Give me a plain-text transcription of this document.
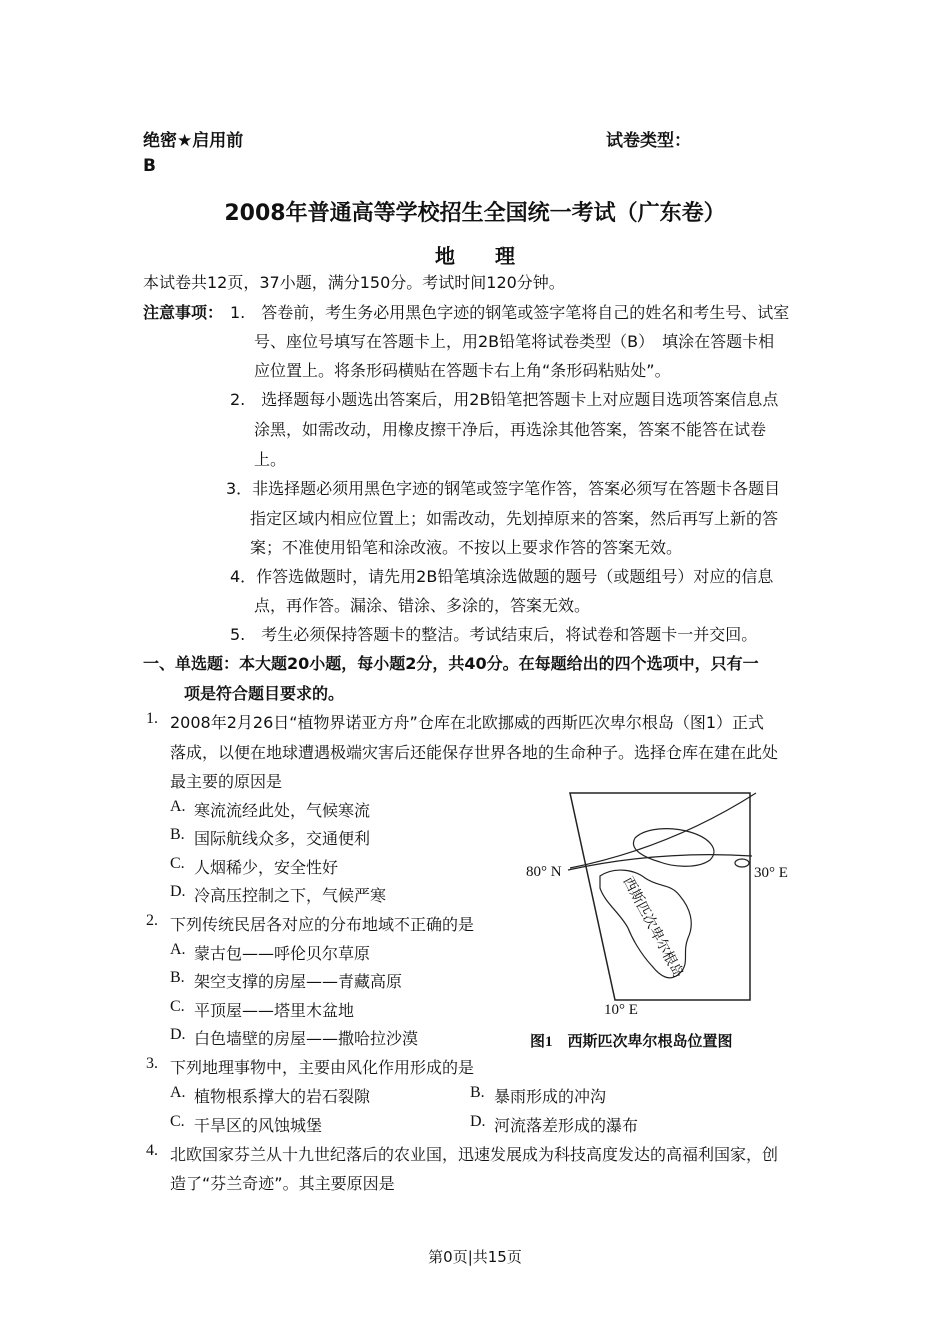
绝密★启用前	试卷类型：
B
2008年普通高等学校招生全国统一考试（广东卷）
地　　理
本试卷共12页，37小题，满分150分。考试时间120分钟。
注意事项： 1.　答卷前，考生务必用黑色字迹的钢笔或签字笔将自己的姓名和考生号、试室
号、座位号填写在答题卡上，用2B铅笔将试卷类型（B）　填涂在答题卡相
应位置上。将条形码横贴在答题卡右上角“条形码粘贴处”。
2.　选择题每小题选出答案后，用2B铅笔把答题卡上对应题目选项答案信息点
涂黑，如需改动，用橡皮擦干净后，再选涂其他答案，答案不能答在试卷
上。
3．非选择题必须用黑色字迹的钢笔或签字笔作答，答案必须写在答题卡各题目
指定区域内相应位置上；如需改动，先划掉原来的答案，然后再写上新的答
案；不准使用铅笔和涂改液。不按以上要求作答的答案无效。
4．作答选做题时，请先用2B铅笔填涂选做题的题号（或题组号）对应的信息
点，再作答。漏涂、错涂、多涂的，答案无效。
5.　考生必须保持答题卡的整洁。考试结束后，将试卷和答题卡一并交回。
一、单选题：本大题20小题，每小题2分，共40分。在每题给出的四个选项中，只有一
项是符合题目要求的。
1. 2008年2月26日“植物界诺亚方舟”仓库在北欧挪威的西斯匹次卑尔根岛（图1）正式
落成，以便在地球遭遇极端灾害后还能保存世界各地的生命种子。选择仓库在建在此处
最主要的原因是
A. 寒流流经此处，气候寒流
B. 国际航线众多，交通便利
C. 人烟稀少，安全性好
D. 冷高压控制之下，气候严寒
2. 下列传统民居各对应的分布地域不正确的是
A. 蒙古包——呼伦贝尔草原
B. 架空支撑的房屋——青藏高原
C. 平顶屋——塔里木盆地
D. 白色墙壁的房屋——撒哈拉沙漠
3. 下列地理事物中，主要由风化作用形成的是
A. 植物根系撑大的岩石裂隙	B. 暴雨形成的冲沟
C. 干旱区的风蚀城堡	D. 河流落差形成的瀑布
4. 北欧国家芬兰从十九世纪落后的农业国，迅速发展成为科技高度发达的高福利国家，创
造了“芬兰奇迹”。其主要原因是
西斯匹次卑尔根岛
80° N	30° E
10° E
图1　西斯匹次卑尔根岛位置图
第0页|共15页
